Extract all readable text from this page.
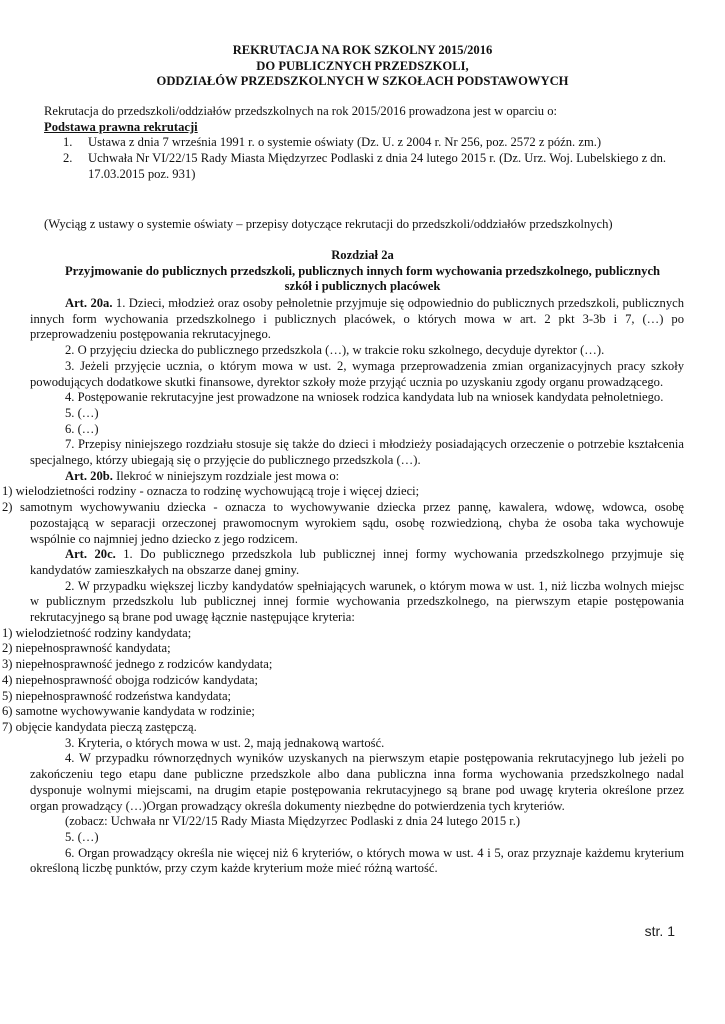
REKRUTACJA NA ROK SZKOLNY 2015/2016
DO PUBLICZNYCH PRZEDSZKOLI,
ODDZIAŁÓW PRZEDSZKOLNYCH W SZKOŁACH PODSTAWOWYCH

Rekrutacja do przedszkoli/oddziałów przedszkolnych na rok 2015/2016 prowadzona jest w oparciu o:

Podstawa prawna rekrutacji

1. Ustawa z dnia 7 września 1991 r. o systemie oświaty (Dz. U. z 2004 r. Nr 256, poz. 2572 z późn. zm.)
2. Uchwała Nr VI/22/15 Rady Miasta Międzyrzec Podlaski z dnia 24 lutego 2015 r. (Dz. Urz. Woj. Lubelskiego z dn. 17.03.2015 poz. 931)
(Wyciąg z ustawy o systemie oświaty – przepisy dotyczące rekrutacji do przedszkoli/oddziałów przedszkolnych)
Rozdział 2a
Przyjmowanie do publicznych przedszkoli, publicznych innych form wychowania przedszkolnego, publicznych
szkół i publicznych placówek

Art. 20a. 1. Dzieci, młodzież oraz osoby pełnoletnie przyjmuje się odpowiednio do publicznych przedszkoli, publicznych innych form wychowania przedszkolnego i publicznych placówek, o których mowa w art. 2 pkt 3-3b i 7, (…) po przeprowadzeniu postępowania rekrutacyjnego.

2. O przyjęciu dziecka do publicznego przedszkola (…), w trakcie roku szkolnego, decyduje dyrektor (…).

3. Jeżeli przyjęcie ucznia, o którym mowa w ust. 2, wymaga przeprowadzenia zmian organizacyjnych pracy szkoły powodujących dodatkowe skutki finansowe, dyrektor szkoły może przyjąć ucznia po uzyskaniu zgody organu prowadzącego.

4. Postępowanie rekrutacyjne jest prowadzone na wniosek rodzica kandydata lub na wniosek kandydata pełnoletniego.

5. (…)

6. (…)

7. Przepisy niniejszego rozdziału stosuje się także do dzieci i młodzieży posiadających orzeczenie o potrzebie kształcenia specjalnego, którzy ubiegają się o przyjęcie do publicznego przedszkola (…).

Art. 20b. Ilekroć w niniejszym rozdziale jest mowa o:

1) wielodzietności rodziny - oznacza to rodzinę wychowującą troje i więcej dzieci;

2) samotnym wychowywaniu dziecka - oznacza to wychowywanie dziecka przez pannę, kawalera, wdowę, wdowca, osobę pozostającą w separacji orzeczonej prawomocnym wyrokiem sądu, osobę rozwiedzioną, chyba że osoba taka wychowuje wspólnie co najmniej jedno dziecko z jego rodzicem.

Art. 20c. 1. Do publicznego przedszkola lub publicznej innej formy wychowania przedszkolnego przyjmuje się kandydatów zamieszkałych na obszarze danej gminy.

2. W przypadku większej liczby kandydatów spełniających warunek, o którym mowa w ust. 1, niż liczba wolnych miejsc w publicznym przedszkolu lub publicznej innej formie wychowania przedszkolnego, na pierwszym etapie postępowania rekrutacyjnego są brane pod uwagę łącznie następujące kryteria:

1) wielodzietność rodziny kandydata;

2) niepełnosprawność kandydata;

3) niepełnosprawność jednego z rodziców kandydata;

4) niepełnosprawność obojga rodziców kandydata;

5) niepełnosprawność rodzeństwa kandydata;

6) samotne wychowywanie kandydata w rodzinie;

7) objęcie kandydata pieczą zastępczą.

3. Kryteria, o których mowa w ust. 2, mają jednakową wartość.

4. W przypadku równorzędnych wyników uzyskanych na pierwszym etapie postępowania rekrutacyjnego lub jeżeli po zakończeniu tego etapu dane publiczne przedszkole albo dana publiczna inna forma wychowania przedszkolnego nadal dysponuje wolnymi miejscami, na drugim etapie postępowania rekrutacyjnego są brane pod uwagę kryteria określone przez organ prowadzący (…)Organ prowadzący określa dokumenty niezbędne do potwierdzenia tych kryteriów.

(zobacz: Uchwała nr VI/22/15 Rady Miasta Międzyrzec Podlaski z dnia 24 lutego 2015 r.)

5. (…)

6. Organ prowadzący określa nie więcej niż 6 kryteriów, o których mowa w ust. 4 i 5, oraz przyznaje każdemu kryterium określoną liczbę punktów, przy czym każde kryterium może mieć różną wartość.

str. 1
